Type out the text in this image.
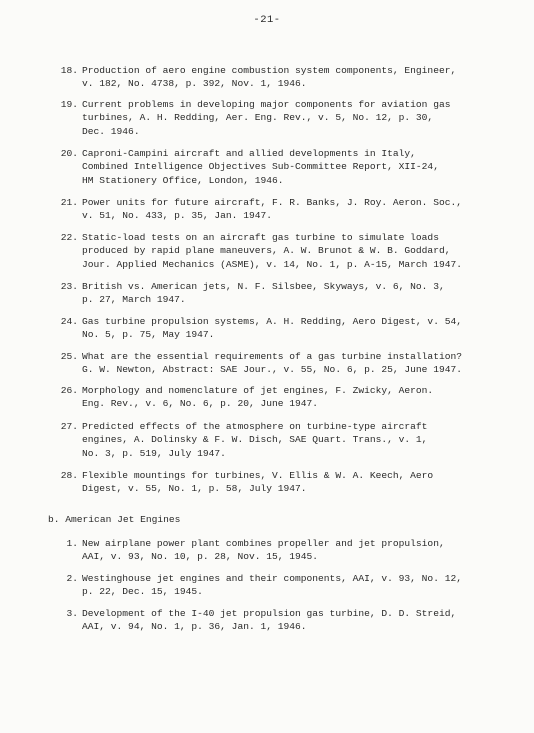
-21-
18. Production of aero engine combustion system components, Engineer,
v. 182, No. 4738, p. 392, Nov. 1, 1946.
19. Current problems in developing major components for aviation gas
turbines, A. H. Redding, Aer. Eng. Rev., v. 5, No. 12, p. 30,
Dec. 1946.
20. Caproni-Campini aircraft and allied developments in Italy,
Combined Intelligence Objectives Sub-Committee Report, XII-24,
HM Stationery Office, London, 1946.
21. Power units for future aircraft, F. R. Banks, J. Roy. Aeron. Soc.,
v. 51, No. 433, p. 35, Jan. 1947.
22. Static-load tests on an aircraft gas turbine to simulate loads
produced by rapid plane maneuvers, A. W. Brunot & W. B. Goddard,
Jour. Applied Mechanics (ASME), v. 14, No. 1, p. A-15, March 1947.
23. British vs. American jets, N. F. Silsbee, Skyways, v. 6, No. 3,
p. 27, March 1947.
24. Gas turbine propulsion systems, A. H. Redding, Aero Digest, v. 54,
No. 5, p. 75, May 1947.
25. What are the essential requirements of a gas turbine installation?
G. W. Newton, Abstract: SAE Jour., v. 55, No. 6, p. 25, June 1947.
26. Morphology and nomenclature of jet engines, F. Zwicky, Aeron.
Eng. Rev., v. 6, No. 6, p. 20, June 1947.
27. Predicted effects of the atmosphere on turbine-type aircraft
engines, A. Dolinsky & F. W. Disch, SAE Quart. Trans., v. 1,
No. 3, p. 519, July 1947.
28. Flexible mountings for turbines, V. Ellis & W. A. Keech, Aero
Digest, v. 55, No. 1, p. 58, July 1947.
b. American Jet Engines
1. New airplane power plant combines propeller and jet propulsion,
AAI, v. 93, No. 10, p. 28, Nov. 15, 1945.
2. Westinghouse jet engines and their components, AAI, v. 93, No. 12,
p. 22, Dec. 15, 1945.
3. Development of the I-40 jet propulsion gas turbine, D. D. Streid,
AAI, v. 94, No. 1, p. 36, Jan. 1, 1946.
